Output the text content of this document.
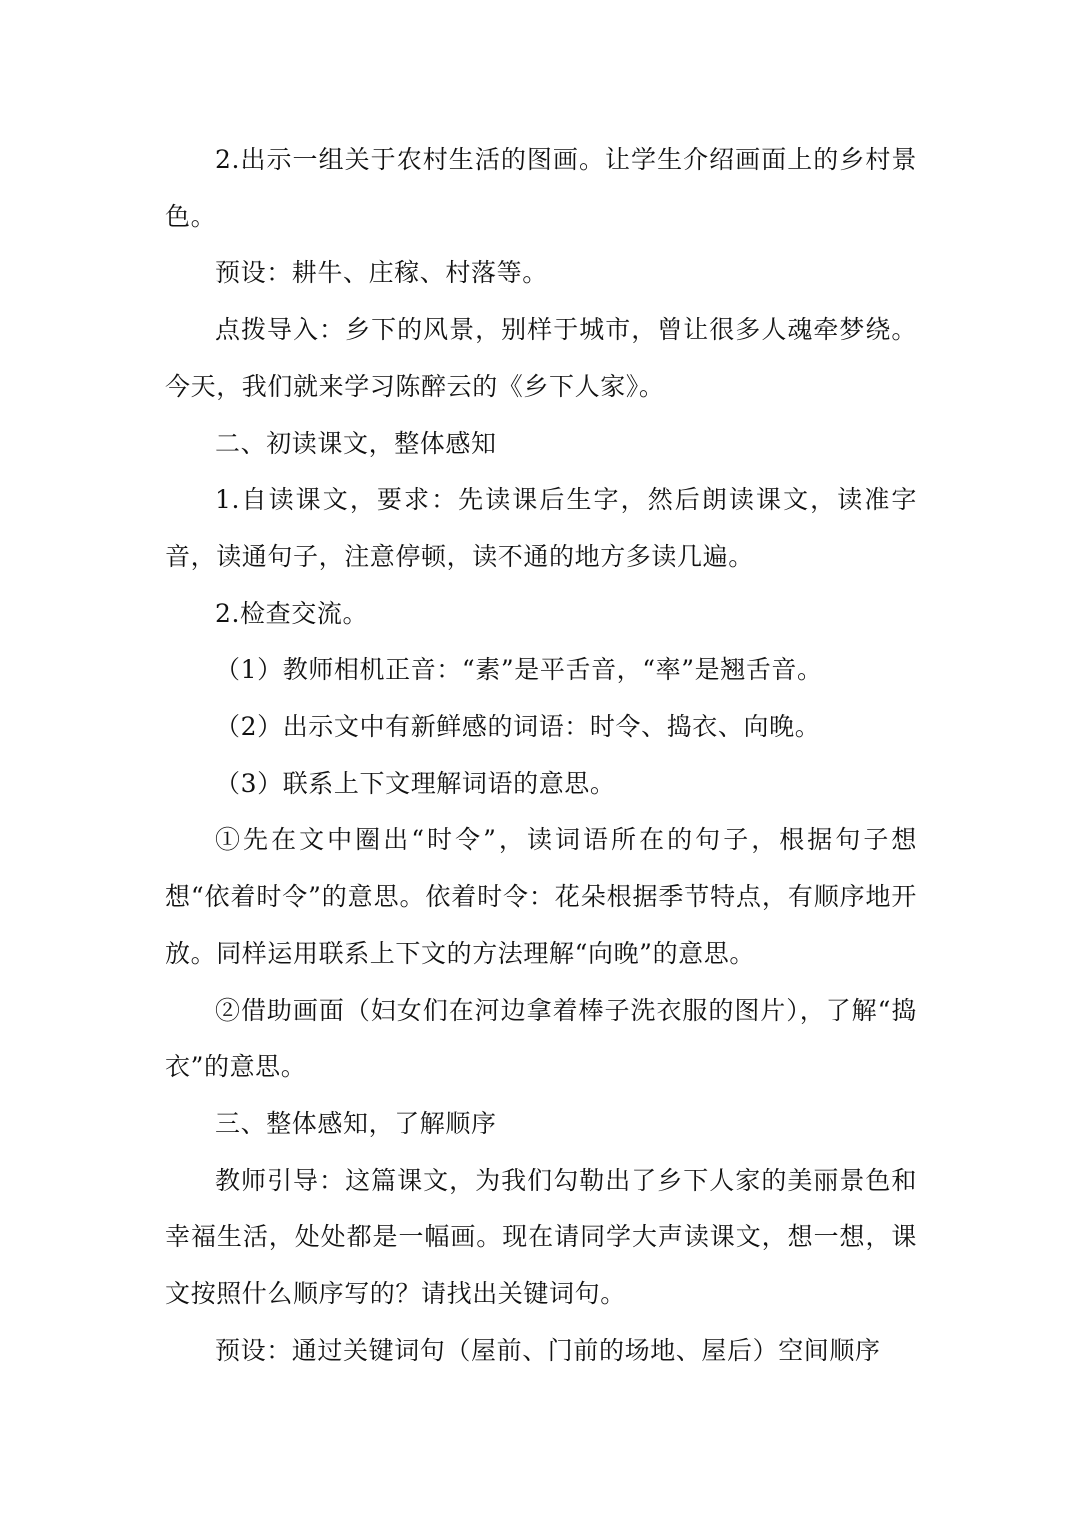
2.出示一组关于农村生活的图画。让学生介绍画面上的乡村景色。

预设：耕牛、庄稼、村落等。

点拨导入：乡下的风景，别样于城市，曾让很多人魂牵梦绕。今天，我们就来学习陈醉云的《乡下人家》。

二、初读课文，整体感知

1.自读课文，要求：先读课后生字，然后朗读课文，读准字音，读通句子，注意停顿，读不通的地方多读几遍。

2.检查交流。

（1）教师相机正音：“素”是平舌音，“率”是翘舌音。

（2）出示文中有新鲜感的词语：时令、捣衣、向晚。

（3）联系上下文理解词语的意思。

①先在文中圈出“时令”，读词语所在的句子，根据句子想想“依着时令”的意思。依着时令：花朵根据季节特点，有顺序地开放。同样运用联系上下文的方法理解“向晚”的意思。

②借助画面（妇女们在河边拿着棒子洗衣服的图片），了解“捣衣”的意思。

三、整体感知，了解顺序

教师引导：这篇课文，为我们勾勒出了乡下人家的美丽景色和幸福生活，处处都是一幅画。现在请同学大声读课文，想一想，课文按照什么顺序写的？请找出关键词句。

预设：通过关键词句（屋前、门前的场地、屋后）空间顺序
